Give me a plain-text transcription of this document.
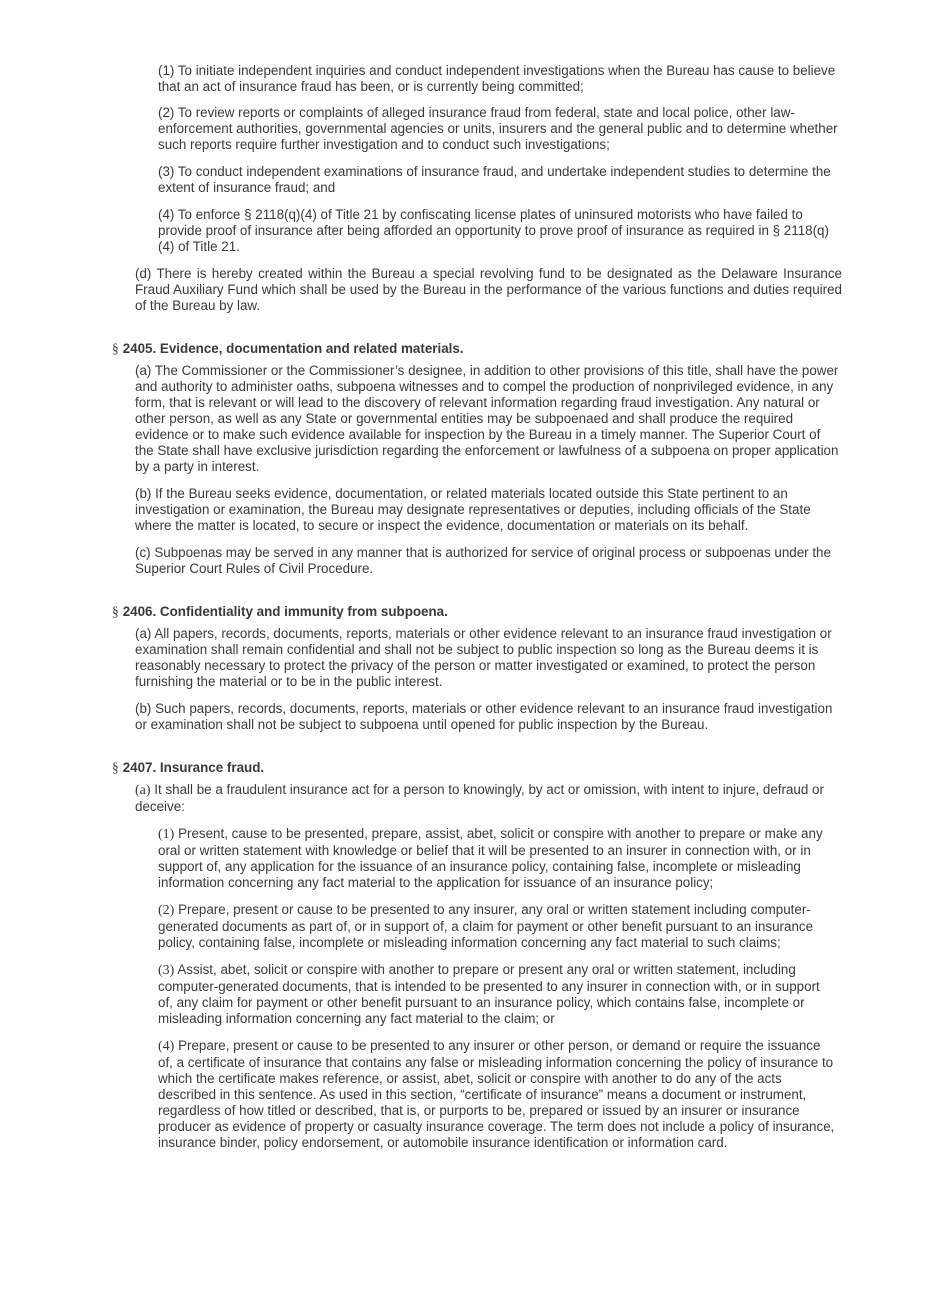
(1) To initiate independent inquiries and conduct independent investigations when the Bureau has cause to believe that an act of insurance fraud has been, or is currently being committed;

(2) To review reports or complaints of alleged insurance fraud from federal, state and local police, other law-enforcement authorities, governmental agencies or units, insurers and the general public and to determine whether such reports require further investigation and to conduct such investigations;

(3) To conduct independent examinations of insurance fraud, and undertake independent studies to determine the extent of insurance fraud; and

(4) To enforce § 2118(q)(4) of Title 21 by confiscating license plates of uninsured motorists who have failed to provide proof of insurance after being afforded an opportunity to prove proof of insurance as required in § 2118(q)(4) of Title 21.

(d) There is hereby created within the Bureau a special revolving fund to be designated as the Delaware Insurance Fraud Auxiliary Fund which shall be used by the Bureau in the performance of the various functions and duties required of the Bureau by law.

§ 2405. Evidence, documentation and related materials.

(a) The Commissioner or the Commissioner’s designee, in addition to other provisions of this title, shall have the power and authority to administer oaths, subpoena witnesses and to compel the production of nonprivileged evidence, in any form, that is relevant or will lead to the discovery of relevant information regarding fraud investigation. Any natural or other person, as well as any State or governmental entities may be subpoenaed and shall produce the required evidence or to make such evidence available for inspection by the Bureau in a timely manner. The Superior Court of the State shall have exclusive jurisdiction regarding the enforcement or lawfulness of a subpoena on proper application by a party in interest.

(b) If the Bureau seeks evidence, documentation, or related materials located outside this State pertinent to an investigation or examination, the Bureau may designate representatives or deputies, including officials of the State where the matter is located, to secure or inspect the evidence, documentation or materials on its behalf.

(c) Subpoenas may be served in any manner that is authorized for service of original process or subpoenas under the Superior Court Rules of Civil Procedure.

§ 2406. Confidentiality and immunity from subpoena.

(a) All papers, records, documents, reports, materials or other evidence relevant to an insurance fraud investigation or examination shall remain confidential and shall not be subject to public inspection so long as the Bureau deems it is reasonably necessary to protect the privacy of the person or matter investigated or examined, to protect the person furnishing the material or to be in the public interest.

(b) Such papers, records, documents, reports, materials or other evidence relevant to an insurance fraud investigation or examination shall not be subject to subpoena until opened for public inspection by the Bureau.

§ 2407. Insurance fraud.

(a) It shall be a fraudulent insurance act for a person to knowingly, by act or omission, with intent to injure, defraud or deceive:

(1) Present, cause to be presented, prepare, assist, abet, solicit or conspire with another to prepare or make any oral or written statement with knowledge or belief that it will be presented to an insurer in connection with, or in support of, any application for the issuance of an insurance policy, containing false, incomplete or misleading information concerning any fact material to the application for issuance of an insurance policy;

(2) Prepare, present or cause to be presented to any insurer, any oral or written statement including computer-generated documents as part of, or in support of, a claim for payment or other benefit pursuant to an insurance policy, containing false, incomplete or misleading information concerning any fact material to such claims;

(3) Assist, abet, solicit or conspire with another to prepare or present any oral or written statement, including computer-generated documents, that is intended to be presented to any insurer in connection with, or in support of, any claim for payment or other benefit pursuant to an insurance policy, which contains false, incomplete or misleading information concerning any fact material to the claim; or

(4) Prepare, present or cause to be presented to any insurer or other person, or demand or require the issuance of, a certificate of insurance that contains any false or misleading information concerning the policy of insurance to which the certificate makes reference, or assist, abet, solicit or conspire with another to do any of the acts described in this sentence. As used in this section, “certificate of insurance” means a document or instrument, regardless of how titled or described, that is, or purports to be, prepared or issued by an insurer or insurance producer as evidence of property or casualty insurance coverage. The term does not include a policy of insurance, insurance binder, policy endorsement, or automobile insurance identification or information card.
